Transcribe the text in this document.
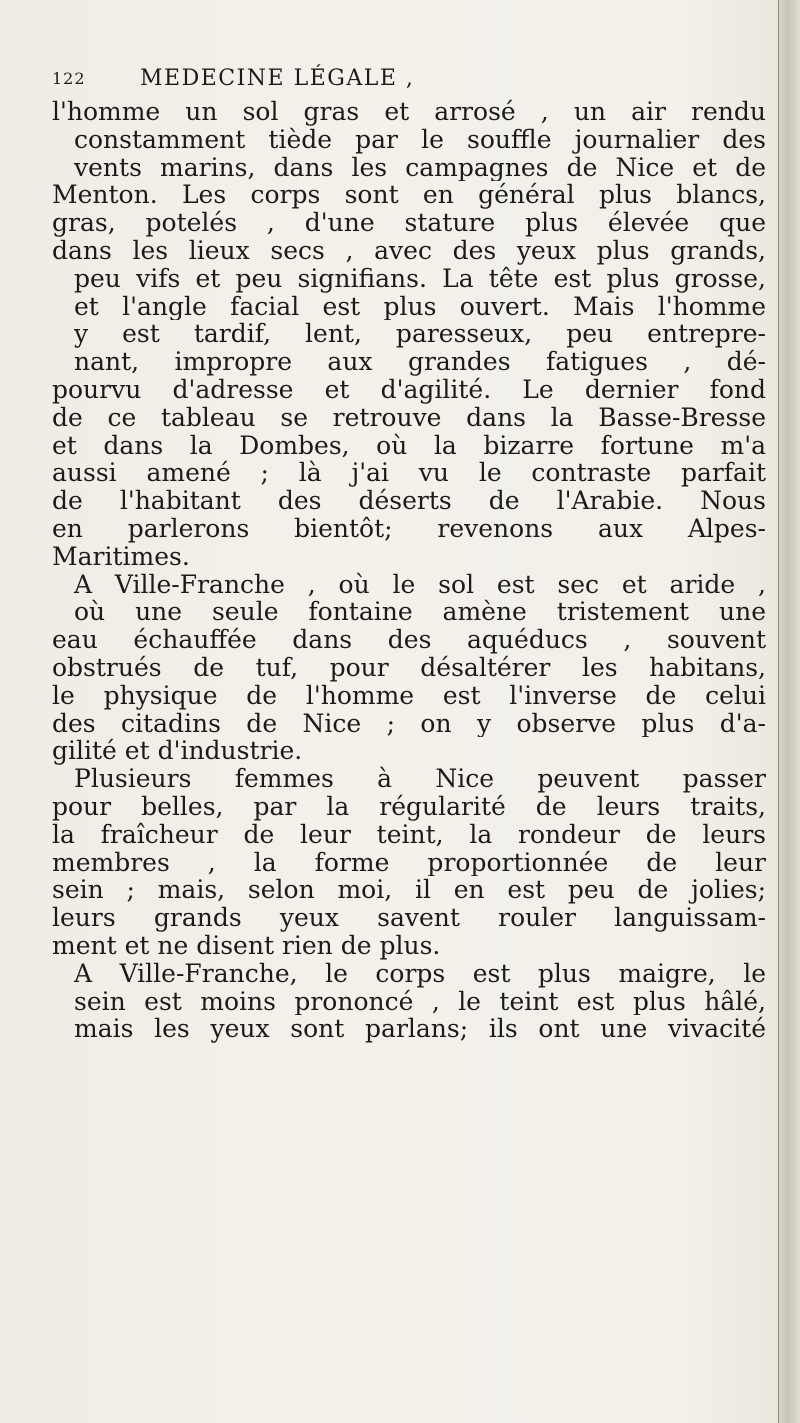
122 MEDECINE LÉGALE ,
l'homme un sol gras et arrosé , un air rendu
constamment tiède par le souffle journalier des
vents marins, dans les campagnes de Nice et de
Menton. Les corps sont en général plus blancs,
gras, potelés , d'une stature plus élevée que
dans les lieux secs , avec des yeux plus grands,
peu vifs et peu signifians. La tête est plus grosse,
et l'angle facial est plus ouvert. Mais l'homme
y est tardif, lent, paresseux, peu entrepre-
nant, impropre aux grandes fatigues , dé-
pourvu d'adresse et d'agilité. Le dernier fond
de ce tableau se retrouve dans la Basse-Bresse
et dans la Dombes, où la bizarre fortune m'a
aussi amené ; là j'ai vu le contraste parfait
de l'habitant des déserts de l'Arabie. Nous
en parlerons bientôt; revenons aux Alpes-
Maritimes.
A Ville-Franche , où le sol est sec et aride ,
où une seule fontaine amène tristement une
eau échauffée dans des aquéducs , souvent
obstrués de tuf, pour désaltérer les habitans,
le physique de l'homme est l'inverse de celui
des citadins de Nice ; on y observe plus d'a-
gilité et d'industrie.
Plusieurs femmes à Nice peuvent passer
pour belles, par la régularité de leurs traits,
la fraîcheur de leur teint, la rondeur de leurs
membres , la forme proportionnée de leur
sein ; mais, selon moi, il en est peu de jolies;
leurs grands yeux savent rouler languissam-
ment et ne disent rien de plus.
A Ville-Franche, le corps est plus maigre, le
sein est moins prononcé , le teint est plus hâlé,
mais les yeux sont parlans; ils ont une vivacité
